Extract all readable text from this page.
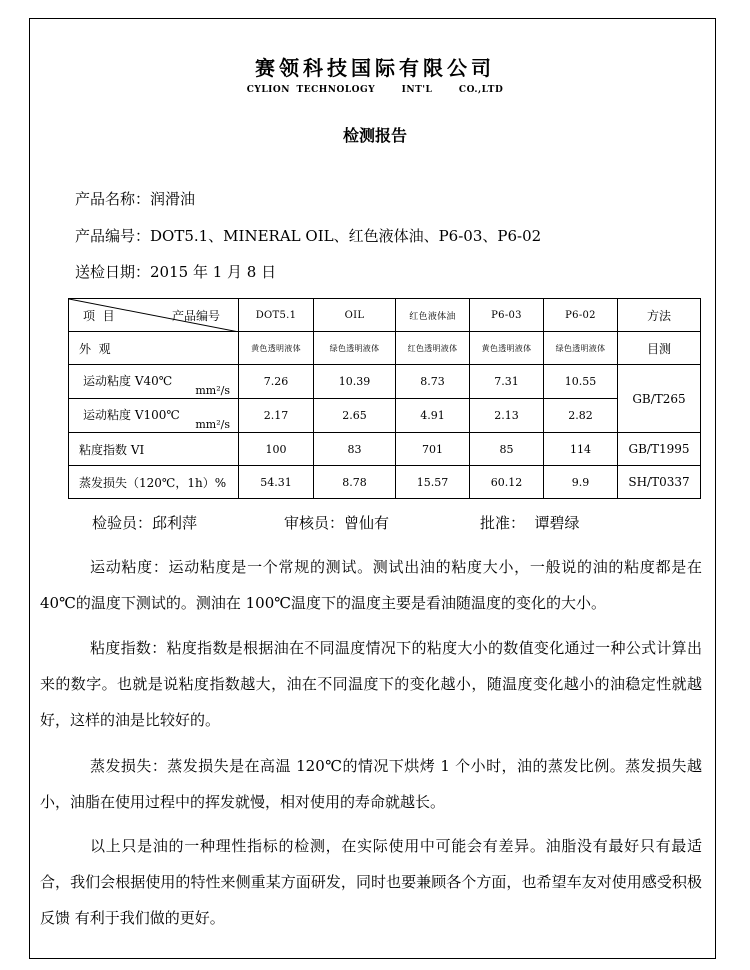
赛领科技国际有限公司
CYLION TECHNOLOGY    INT'L    CO.,LTD
检测报告
产品名称：润滑油
产品编号：DOT5.1、MINERAL OIL、红色液体油、P6-03、P6-02
送检日期：2015 年 1 月 8 日
项  目 产品编号	DOT5.1	OIL	红色液体油	P6-03	P6-02	方法
外  观	黄色透明液体	绿色透明液体	红色透明液体	黄色透明液体	绿色透明液体	目测

运动粘度 V40℃
mm²/s	7.26	10.39	8.73	7.31	10.55	GB/T265

运动粘度 V100℃
mm²/s	2.17	2.65	4.91	2.13	2.82	
粘度指数 VI	100	83	701	85	114	GB/T1995
蒸发损失（120℃，1h）%	54.31	8.78	15.57	60.12	9.9	SH/T0337
检验员：邱利萍	审核员：曾仙有	批准：  谭碧绿
运动粘度：运动粘度是一个常规的测试。测试出油的粘度大小，一般说的油的粘度都是在 40℃的温度下测试的。测油在 100℃温度下的温度主要是看油随温度的变化的大小。
粘度指数：粘度指数是根据油在不同温度情况下的粘度大小的数值变化通过一种公式计算出来的数字。也就是说粘度指数越大，油在不同温度下的变化越小，随温度变化越小的油稳定性就越好，这样的油是比较好的。
蒸发损失：蒸发损失是在高温 120℃的情况下烘烤 1 个小时，油的蒸发比例。蒸发损失越小，油脂在使用过程中的挥发就慢，相对使用的寿命就越长。
以上只是油的一种理性指标的检测，在实际使用中可能会有差异。油脂没有最好只有最适合，我们会根据使用的特性来侧重某方面研发，同时也要兼顾各个方面，也希望车友对使用感受积极反馈 有利于我们做的更好。
